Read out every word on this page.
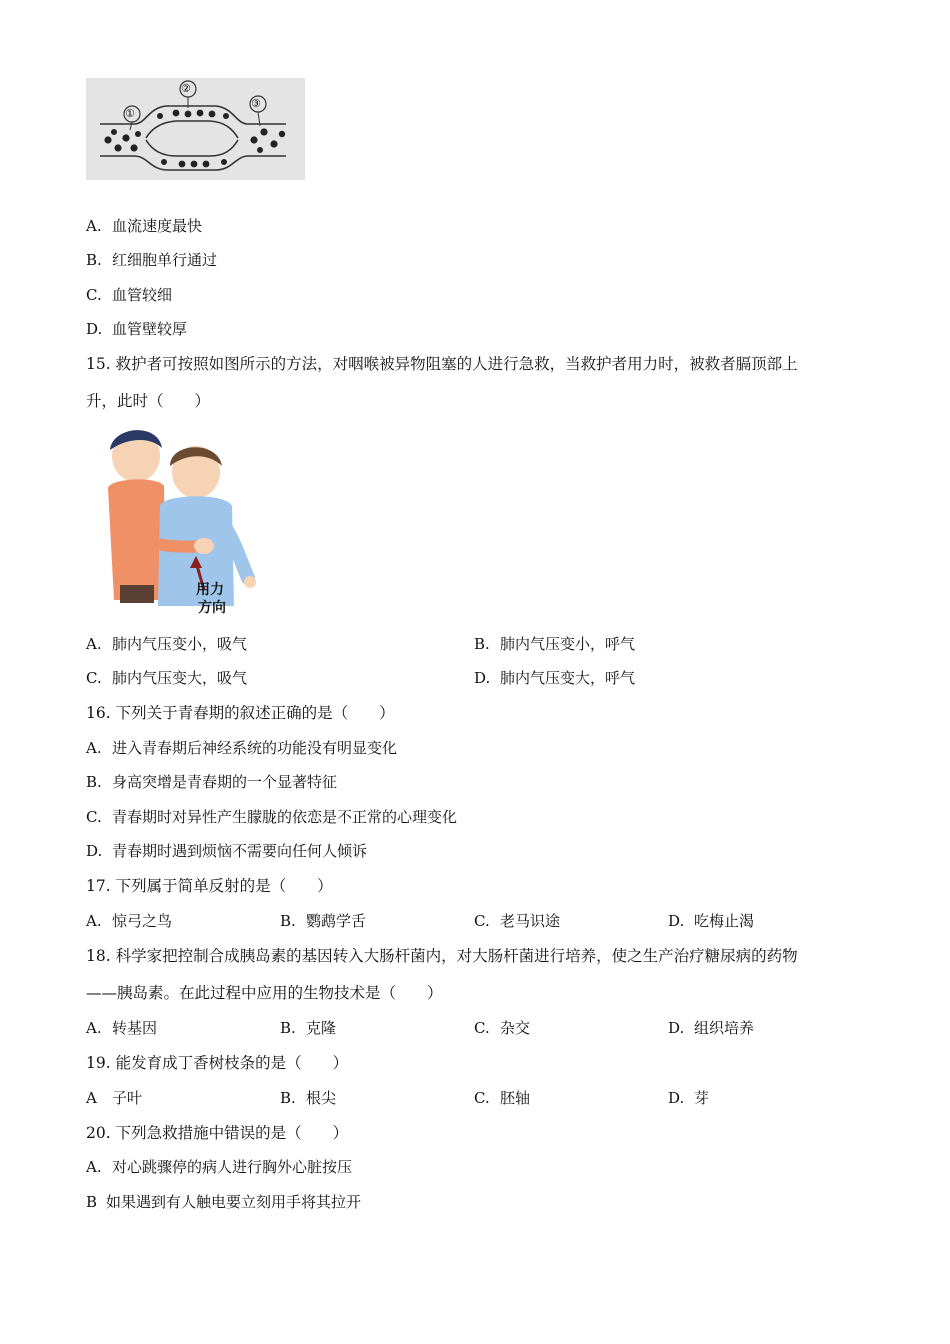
①
②
③
A. 血流速度最快
B. 红细胞单行通过
C. 血管较细
D. 血管壁较厚
15. 救护者可按照如图所示的方法，对咽喉被异物阻塞的人进行急救，当救护者用力时，被救者膈顶部上
升，此时（　　）
用力
方向
A. 肺内气压变小，吸气	B. 肺内气压变小，呼气
C. 肺内气压变大，吸气	D. 肺内气压变大，呼气
16. 下列关于青春期的叙述正确的是（　　）
A. 进入青春期后神经系统的功能没有明显变化
B. 身高突增是青春期的一个显著特征
C. 青春期时对异性产生朦胧的依恋是不正常的心理变化
D. 青春期时遇到烦恼不需要向任何人倾诉
17. 下列属于简单反射的是（　　）
A. 惊弓之鸟	B. 鹦鹉学舌	C. 老马识途	D. 吃梅止渴
18. 科学家把控制合成胰岛素的基因转入大肠杆菌内，对大肠杆菌进行培养，使之生产治疗糖尿病的药物
——胰岛素。在此过程中应用的生物技术是（　　）
A. 转基因	B. 克隆	C. 杂交	D. 组织培养
19. 能发育成丁香树枝条的是（　　）
A 子叶	B. 根尖	C. 胚轴	D. 芽
20. 下列急救措施中错误的是（　　）
A. 对心跳骤停的病人进行胸外心脏按压
B 如果遇到有人触电要立刻用手将其拉开
